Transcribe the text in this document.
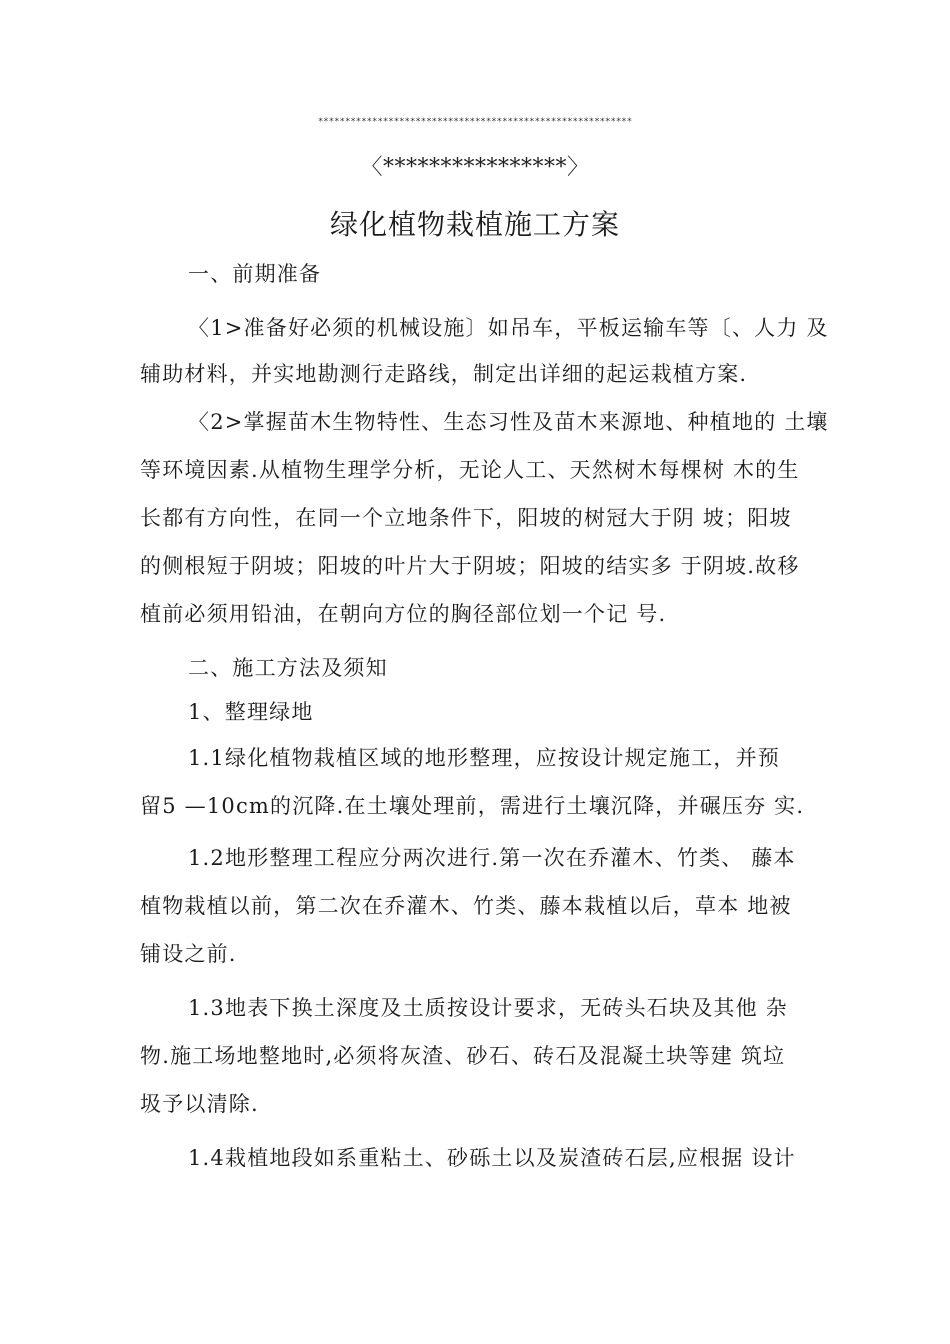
**********************************************************
〈****************〉
绿化植物栽植施工方案
一、前期准备
〈1>准备好必须的机械设施〕如吊车，平板运输车等〔、人力 及
辅助材料，并实地勘测行走路线，制定出详细的起运栽植方案.
〈2>掌握苗木生物特性、生态习性及苗木来源地、种植地的 土壤
等环境因素.从植物生理学分析，无论人工、天然树木每棵树 木的生
长都有方向性，在同一个立地条件下，阳坡的树冠大于阴 坡；阳坡
的侧根短于阴坡；阳坡的叶片大于阴坡；阳坡的结实多 于阴坡.故移
植前必须用铅油，在朝向方位的胸径部位划一个记 号.
二、施工方法及须知
1、整理绿地
1.1绿化植物栽植区域的地形整理，应按设计规定施工，并预
留5 —10cm的沉降.在土壤处理前，需进行土壤沉降，并碾压夯 实.
1.2地形整理工程应分两次进行.第一次在乔灌木、竹类、 藤本
植物栽植以前，第二次在乔灌木、竹类、藤本栽植以后，草本 地被
铺设之前.
1.3地表下换土深度及土质按设计要求，无砖头石块及其他 杂
物.施工场地整地时,必须将灰渣、砂石、砖石及混凝土块等建 筑垃
圾予以清除.
1.4栽植地段如系重粘土、砂砾土以及炭渣砖石层,应根据 设计
